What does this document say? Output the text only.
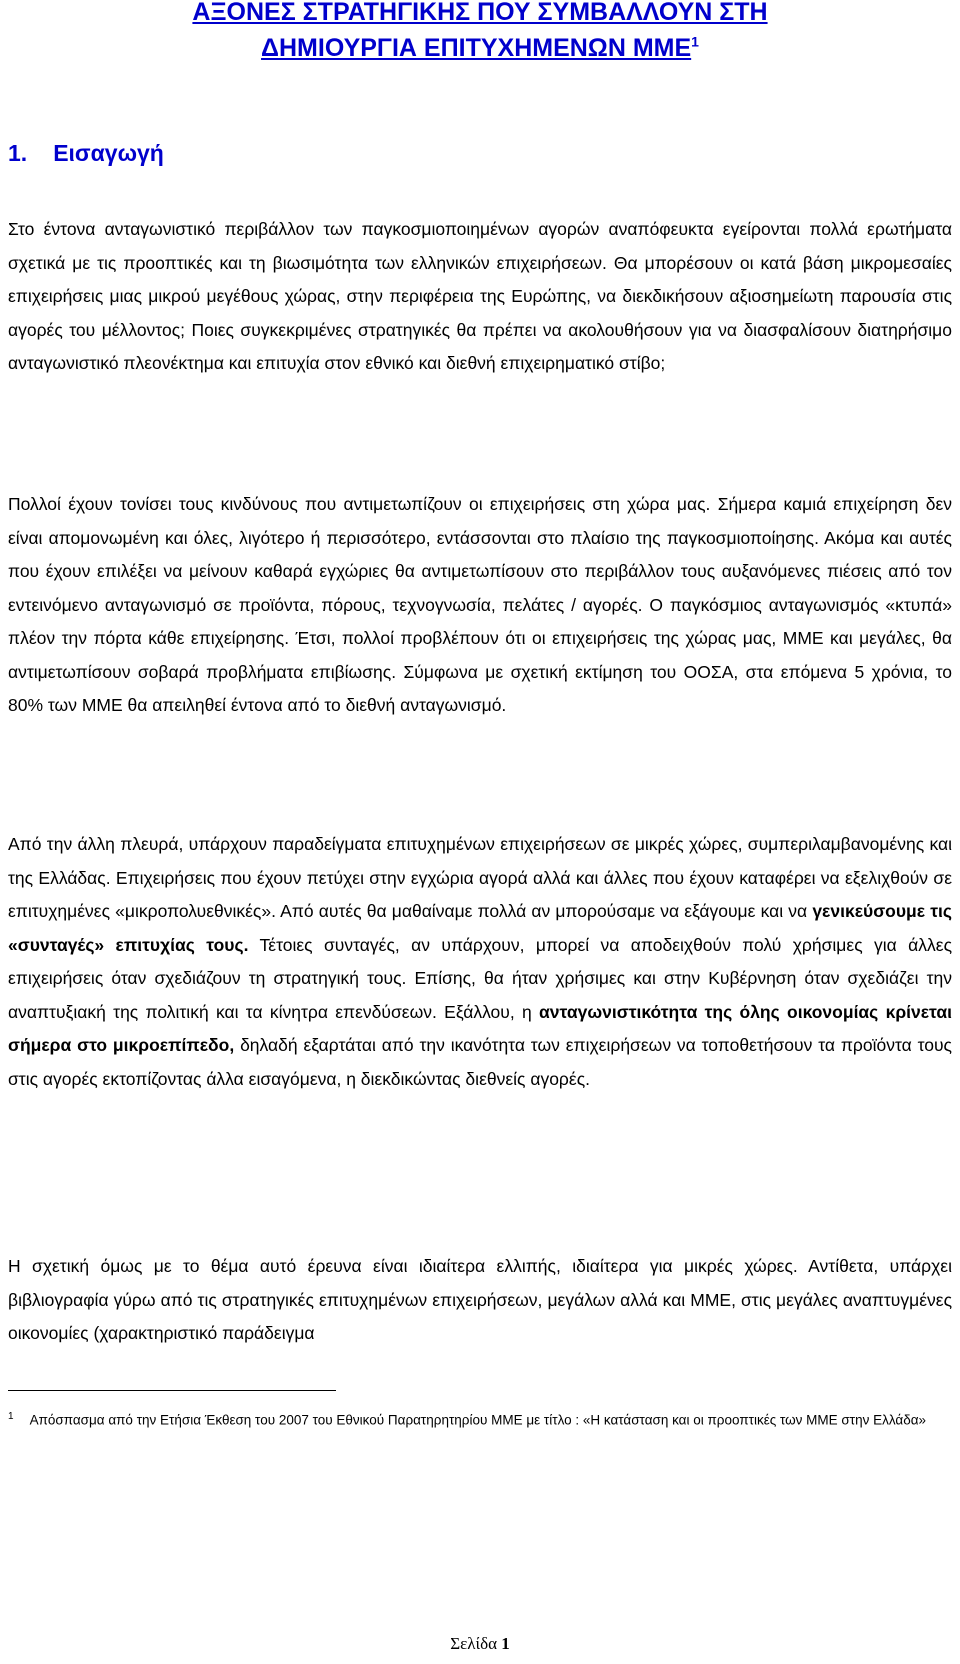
ΑΞΟΝΕΣ ΣΤΡΑΤΗΓΙΚΗΣ ΠΟΥ ΣΥΜΒΑΛΛΟΥΝ ΣΤΗ
ΔΗΜΙΟΥΡΓΙΑ ΕΠΙΤΥΧΗΜΕΝΩΝ ΜΜΕ$^1$
1. Εισαγωγή
Στο έντονα ανταγωνιστικό περιβάλλον των παγκοσμιοποιημένων αγορών αναπόφευκτα εγείρονται πολλά ερωτήματα σχετικά με τις προοπτικές και τη βιωσιμότητα των ελληνικών επιχειρήσεων. Θα μπορέσουν οι κατά βάση μικρομεσαίες επιχειρήσεις μιας μικρού μεγέθους χώρας, στην περιφέρεια της Ευρώπης, να διεκδικήσουν αξιοσημείωτη παρουσία στις αγορές του μέλλοντος; Ποιες συγκεκριμένες στρατηγικές θα πρέπει να ακολουθήσουν για να διασφαλίσουν διατηρήσιμο ανταγωνιστικό πλεονέκτημα και επιτυχία στον εθνικό και διεθνή επιχειρηματικό στίβο;
Πολλοί έχουν τονίσει τους κινδύνους που αντιμετωπίζουν οι επιχειρήσεις στη χώρα μας. Σήμερα καμιά επιχείρηση δεν είναι απομονωμένη και όλες, λιγότερο ή περισσότερο, εντάσσονται στο πλαίσιο της παγκοσμιοποίησης. Ακόμα και αυτές που έχουν επιλέξει να μείνουν καθαρά εγχώριες θα αντιμετωπίσουν στο περιβάλλον τους αυξανόμενες πιέσεις από τον εντεινόμενο ανταγωνισμό σε προϊόντα, πόρους, τεχνογνωσία, πελάτες / αγορές. Ο παγκόσμιος ανταγωνισμός «κτυπά» πλέον την πόρτα κάθε επιχείρησης. Έτσι, πολλοί προβλέπουν ότι οι επιχειρήσεις της χώρας μας, ΜΜΕ και μεγάλες, θα αντιμετωπίσουν σοβαρά προβλήματα επιβίωσης. Σύμφωνα με σχετική εκτίμηση του ΟΟΣΑ, στα επόμενα 5 χρόνια, το 80% των ΜΜΕ θα απειληθεί έντονα από το διεθνή ανταγωνισμό.
Από την άλλη πλευρά, υπάρχουν παραδείγματα επιτυχημένων επιχειρήσεων σε μικρές χώρες, συμπεριλαμβανομένης και της Ελλάδας. Επιχειρήσεις που έχουν πετύχει στην εγχώρια αγορά αλλά και άλλες που έχουν καταφέρει να εξελιχθούν σε επιτυχημένες «μικροπολυεθνικές». Από αυτές θα μαθαίναμε πολλά αν μπορούσαμε να εξάγουμε και να γενικεύσουμε τις «συνταγές» επιτυχίας τους. Τέτοιες συνταγές, αν υπάρχουν, μπορεί να αποδειχθούν πολύ χρήσιμες για άλλες επιχειρήσεις όταν σχεδιάζουν τη στρατηγική τους. Επίσης, θα ήταν χρήσιμες και στην Κυβέρνηση όταν σχεδιάζει την αναπτυξιακή της πολιτική και τα κίνητρα επενδύσεων. Εξάλλου, η ανταγωνιστικότητα της όλης οικονομίας κρίνεται σήμερα στο μικροεπίπεδο, δηλαδή εξαρτάται από την ικανότητα των επιχειρήσεων να τοποθετήσουν τα προϊόντα τους στις αγορές εκτοπίζοντας άλλα εισαγόμενα, η διεκδικώντας διεθνείς αγορές.
Η σχετική όμως με το θέμα αυτό έρευνα είναι ιδιαίτερα ελλιπής, ιδιαίτερα για μικρές χώρες. Αντίθετα, υπάρχει βιβλιογραφία γύρω από τις στρατηγικές επιτυχημένων επιχειρήσεων, μεγάλων αλλά και ΜΜΕ, στις μεγάλες αναπτυγμένες οικονομίες (χαρακτηριστικό παράδειγμα
$^1$ Απόσπασμα από την Ετήσια Έκθεση του 2007 του Εθνικού Παρατηρητηρίου ΜΜΕ με τίτλο : «Η κατάσταση και οι προοπτικές των ΜΜΕ στην Ελλάδα»
Σελίδα 1
